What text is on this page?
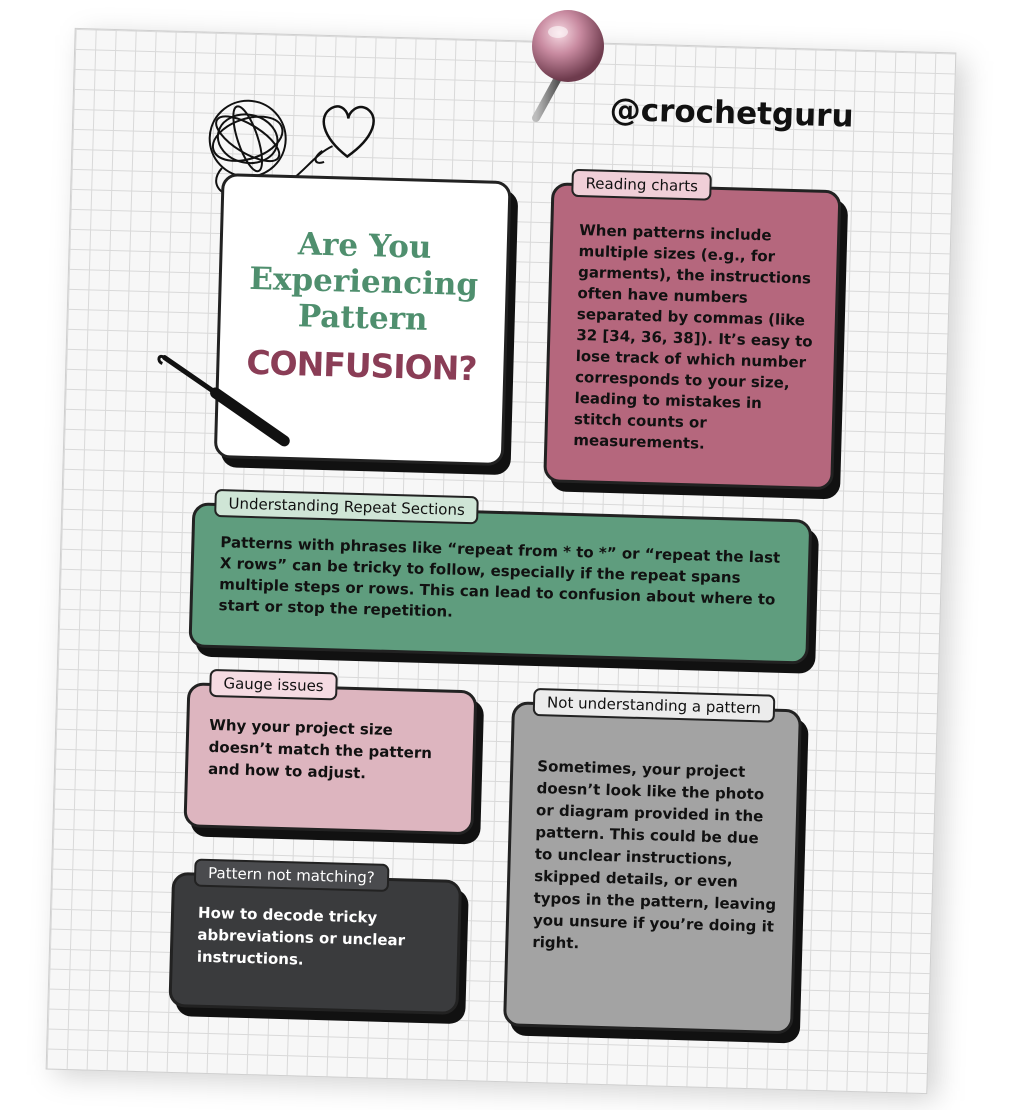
@crochetguru
Are You
Experiencing
Pattern
CONFUSION?
When patterns include multiple sizes (e.g., for garments), the instructions often have numbers separated by commas (like 32 [34, 36, 38]). It’s easy to lose track of which number corresponds to your size, leading to mistakes in stitch counts or measurements.
Reading charts
Patterns with phrases like “repeat from * to *” or “repeat the last X rows” can be tricky to follow, especially if the repeat spans multiple steps or rows. This can lead to confusion about where to start or stop the repetition.
Understanding Repeat Sections
Why your project size doesn’t match the pattern and how to adjust.
Gauge issues
Sometimes, your project doesn’t look like the photo or diagram provided in the pattern. This could be due to unclear instructions, skipped details, or even typos in the pattern, leaving you unsure if you’re doing it right.
Not understanding a pattern
How to decode tricky abbreviations or unclear instructions.
Pattern not matching?
